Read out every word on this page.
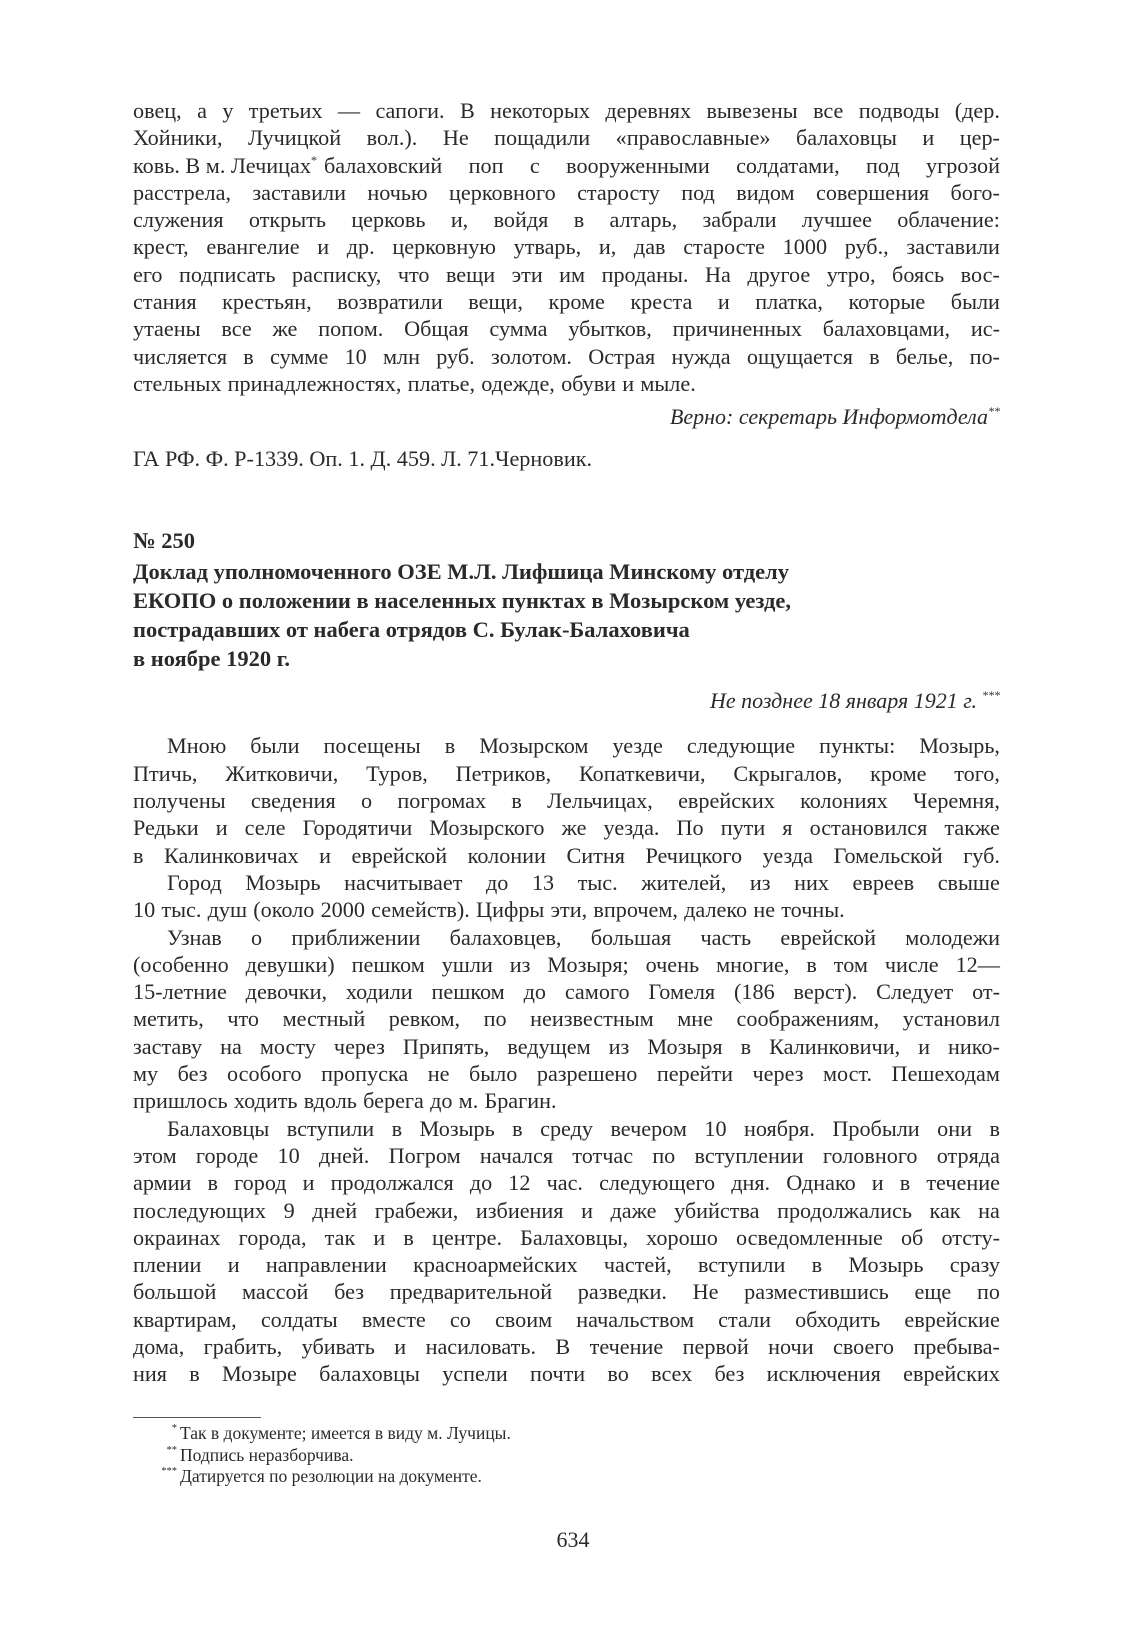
овец, а у третьих — сапоги. В некоторых деревнях вывезены все подводы (дер.
Хойники, Лучицкой вол.). Не пощадили «православные» балаховцы и цер-
ковь. В м. Лечицах* балаховский поп с вооруженными солдатами, под угрозой
расстрела, заставили ночью церковного старосту под видом совершения бого-
служения открыть церковь и, войдя в алтарь, забрали лучшее облачение:
крест, евангелие и др. церковную утварь, и, дав старосте 1000 руб., заставили
его подписать расписку, что вещи эти им проданы. На другое утро, боясь вос-
стания крестьян, возвратили вещи, кроме креста и платка, которые были
утаены все же попом. Общая сумма убытков, причиненных балаховцами, ис-
числяется в сумме 10 млн руб. золотом. Острая нужда ощущается в белье, по-
стельных принадлежностях, платье, одежде, обуви и мыле.
Верно: секретарь Информотдела**
ГА РФ. Ф. Р-1339. Оп. 1. Д. 459. Л. 71.Черновик.
№ 250
Доклад уполномоченного ОЗЕ М.Л. Лифшица Минскому отделу
ЕКОПО о положении в населенных пунктах в Мозырском уезде,
пострадавших от набега отрядов С. Булак-Балаховича
в ноябре 1920 г.
Не позднее 18 января 1921 г. ***
Мною были посещены в Мозырском уезде следующие пункты: Мозырь,
Птичь, Житковичи, Туров, Петриков, Копаткевичи, Скрыгалов, кроме того,
получены сведения о погромах в Лельчицах, еврейских колониях Черемня,
Редьки и селе Городятичи Мозырского же уезда. По пути я остановился также
в Калинковичах и еврейской колонии Ситня Речицкого уезда Гомельской губ.
Город Мозырь насчитывает до 13 тыс. жителей, из них евреев свыше
10 тыс. душ (около 2000 семейств). Цифры эти, впрочем, далеко не точны.
Узнав о приближении балаховцев, большая часть еврейской молодежи
(особенно девушки) пешком ушли из Мозыря; очень многие, в том числе 12—
15-летние девочки, ходили пешком до самого Гомеля (186 верст). Следует от-
метить, что местный ревком, по неизвестным мне соображениям, установил
заставу на мосту через Припять, ведущем из Мозыря в Калинковичи, и нико-
му без особого пропуска не было разрешено перейти через мост. Пешеходам
пришлось ходить вдоль берега до м. Брагин.
Балаховцы вступили в Мозырь в среду вечером 10 ноября. Пробыли они в
этом городе 10 дней. Погром начался тотчас по вступлении головного отряда
армии в город и продолжался до 12 час. следующего дня. Однако и в течение
последующих 9 дней грабежи, избиения и даже убийства продолжались как на
окраинах города, так и в центре. Балаховцы, хорошо осведомленные об отсту-
плении и направлении красноармейских частей, вступили в Мозырь сразу
большой массой без предварительной разведки. Не разместившись еще по
квартирам, солдаты вместе со своим начальством стали обходить еврейские
дома, грабить, убивать и насиловать. В течение первой ночи своего пребыва-
ния в Мозыре балаховцы успели почти во всех без исключения еврейских
* Так в документе; имеется в виду м. Лучицы.
** Подпись неразборчива.
*** Датируется по резолюции на документе.
634
